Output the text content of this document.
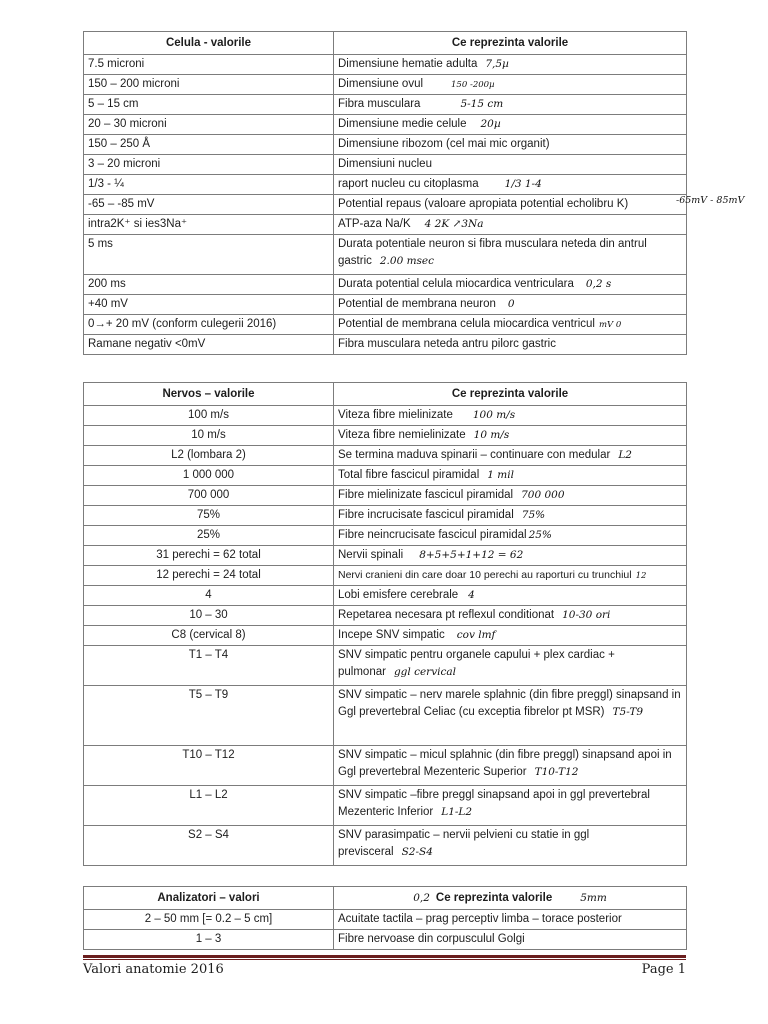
Celula - valorile	Ce reprezinta valorile
7.5 microni	Dimensiune hematie adulta 7,5µ
150 – 200 microni	Dimensiune ovul 150 -200µ
5 – 15 cm	Fibra musculara 5-15 cm
20 – 30 microni	Dimensiune medie celule 20µ
150 – 250 Å	Dimensiune ribozom (cel mai mic organit)
3 – 20 microni	Dimensiuni nucleu
1/3 - ¼	raport nucleu cu citoplasma 1/3 1-4
-65 – -85 mV	Potential repaus (valoare apropiata potential echolibru K)
intra2K⁺ si ies3Na⁺	ATP-aza Na/K 4 2K ↗3Na
5 ms	Durata potentiale neuron si fibra musculara neteda din antrul gastric 2.00 msec
200 ms	Durata potential celula miocardica ventriculara 0,2 s
+40 mV	Potential de membrana neuron 0
0→+ 20 mV (conform culegerii 2016)	Potential de membrana celula miocardica ventricul mV 0
Ramane negativ <0mV	Fibra musculara neteda antru pilorc gastric
-65mV - 85mV
Nervos – valorile	Ce reprezinta valorile
100 m/s	Viteza fibre mielinizate 100 m/s
10 m/s	Viteza fibre nemielinizate 10 m/s
L2 (lombara 2)	Se termina maduva spinarii – continuare con medular L2
1 000 000	Total fibre fascicul piramidal 1 mil
700 000	Fibre mielinizate fascicul piramidal 700 000
75%	Fibre incrucisate fascicul piramidal 75%
25%	Fibre neincrucisate fascicul piramidal 25%
31 perechi = 62 total	Nervii spinali 8+5+5+1+12 = 62
12 perechi = 24 total	Nervi cranieni din care doar 10 perechi au raporturi cu trunchiul 12
4	Lobi emisfere cerebrale 4
10 – 30	Repetarea necesara pt reflexul conditionat 10-30 ori
C8 (cervical 8)	Incepe SNV simpatic cov lmf
T1 – T4	SNV simpatic pentru organele capului + plex cardiac + pulmonar ggl cervical
T5 – T9	SNV simpatic – nerv marele splahnic (din fibre preggl) sinapsand in Ggl prevertebral Celiac (cu exceptia fibrelor pt MSR) T5-T9
T10 – T12	SNV simpatic – micul splahnic (din fibre preggl) sinapsand apoi in Ggl prevertebral Mezenteric Superior T10-T12
L1 – L2	SNV simpatic –fibre preggl sinapsand apoi in ggl prevertebral Mezenteric Inferior L1-L2
S2 – S4	SNV parasimpatic – nervii pelvieni cu statie in ggl previsceral S2-S4
Analizatori – valori	0,2 Ce reprezinta valorile 5mm
2 – 50 mm [= 0.2 – 5 cm]	Acuitate tactila – prag perceptiv limba – torace posterior
1 – 3	Fibre nervoase din corpusculul Golgi
Valori anatomie 2016	Page 1
